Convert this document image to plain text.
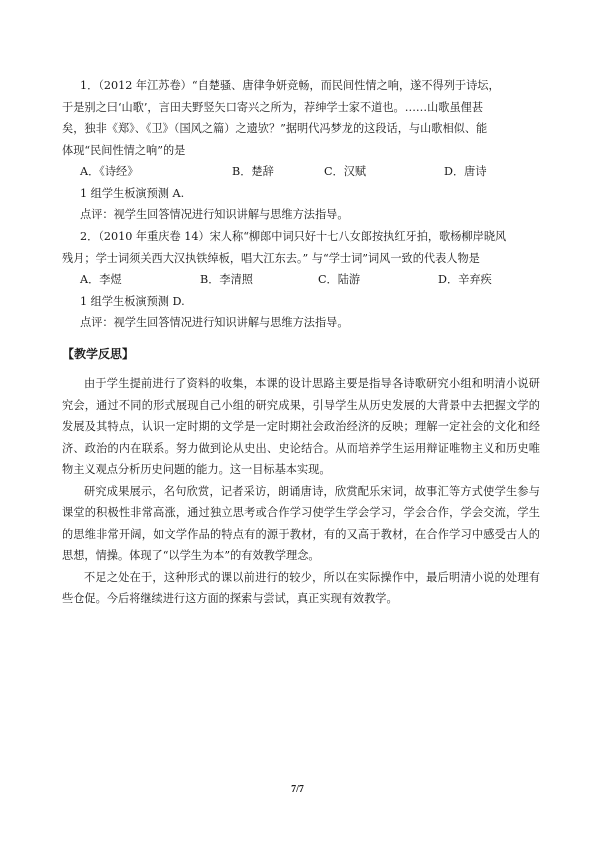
1．（2012 年江苏卷）“自楚骚、唐律争妍竞畅，而民间性情之响，遂不得列于诗坛，

于是别之曰‘山歌’，言田夫野竖矢口寄兴之所为，荐绅学士家不道也。……山歌虽俚甚

矣，独非《郑》、《卫》（国风之篇）之遗欤？”据明代冯梦龙的这段话，与山歌相似、能

体现“民间性情之响”的是

A．《诗经》	B．楚辞	C．汉赋	D．唐诗

1 组学生板演预测 A.

点评：视学生回答情况进行知识讲解与思维方法指导。

2．（2010 年重庆卷 14）宋人称“柳郎中词只好十七八女郎按执红牙拍，歌杨柳岸晓风

残月；学士词须关西大汉执铁绰板，唱大江东去。” 与“学士词”词风一致的代表人物是

A．李煜	B．李清照	C．陆游	D．辛弃疾

1 组学生板演预测 D.

点评：视学生回答情况进行知识讲解与思维方法指导。

【教学反思】

由于学生提前进行了资料的收集，本课的设计思路主要是指导各诗歌研究小组和明清小说研究会，通过不同的形式展现自己小组的研究成果，引导学生从历史发展的大背景中去把握文学的发展及其特点，认识一定时期的文学是一定时期社会政治经济的反映；理解一定社会的文化和经济、政治的内在联系。努力做到论从史出、史论结合。从而培养学生运用辩证唯物主义和历史唯物主义观点分析历史问题的能力。这一目标基本实现。

研究成果展示，名句欣赏，记者采访，朗诵唐诗，欣赏配乐宋词，故事汇等方式使学生参与课堂的积极性非常高涨，通过独立思考或合作学习使学生学会学习，学会合作，学会交流，学生的思维非常开阔，如文学作品的特点有的源于教材，有的又高于教材，在合作学习中感受古人的思想，情操。体现了“以学生为本”的有效教学理念。

不足之处在于，这种形式的课以前进行的较少，所以在实际操作中，最后明清小说的处理有些仓促。今后将继续进行这方面的探索与尝试，真正实现有效教学。

7/7
